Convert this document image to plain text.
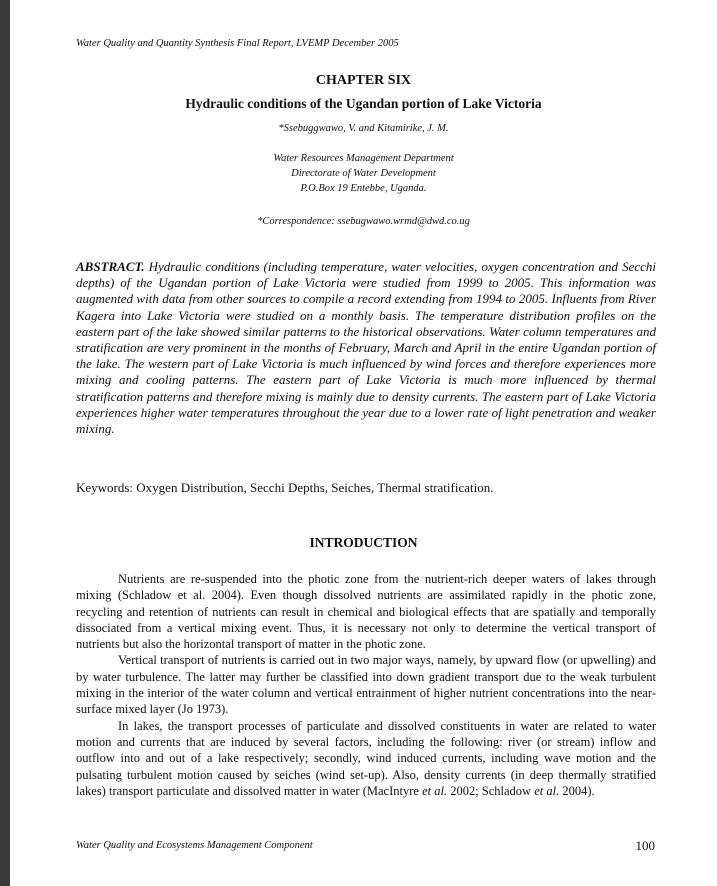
Water Quality and Quantity Synthesis Final Report, LVEMP December 2005
CHAPTER SIX
Hydraulic conditions of the Ugandan portion of Lake Victoria
*Ssebuggwawo, V. and Kitamirike, J. M.
Water Resources Management Department
Directorate of Water Development
P.O.Box 19 Entebbe, Uganda.
*Correspondence: ssebugwawo.wrmd@dwd.co.ug

ABSTRACT. Hydraulic conditions (including temperature, water velocities, oxygen concentration and Secchi depths) of the Ugandan portion of Lake Victoria were studied from 1999 to 2005. This information was augmented with data from other sources to compile a record extending from 1994 to 2005. Influents from River Kagera into Lake Victoria were studied on a monthly basis. The temperature distribution profiles on the eastern part of the lake showed similar patterns to the historical observations. Water column temperatures and stratification are very prominent in the months of February, March and April in the entire Ugandan portion of the lake. The western part of Lake Victoria is much influenced by wind forces and therefore experiences more mixing and cooling patterns. The eastern part of Lake Victoria is much more influenced by thermal stratification patterns and therefore mixing is mainly due to density currents. The eastern part of Lake Victoria experiences higher water temperatures throughout the year due to a lower rate of light penetration and weaker mixing.

Keywords: Oxygen Distribution, Secchi Depths, Seiches, Thermal stratification.
INTRODUCTION

Nutrients are re-suspended into the photic zone from the nutrient-rich deeper waters of lakes through mixing (Schladow et al. 2004). Even though dissolved nutrients are assimilated rapidly in the photic zone, recycling and retention of nutrients can result in chemical and biological effects that are spatially and temporally dissociated from a vertical mixing event. Thus, it is necessary not only to determine the vertical transport of nutrients but also the horizontal transport of matter in the photic zone.

Vertical transport of nutrients is carried out in two major ways, namely, by upward flow (or upwelling) and by water turbulence. The latter may further be classified into down gradient transport due to the weak turbulent mixing in the interior of the water column and vertical entrainment of higher nutrient concentrations into the near-surface mixed layer (Jo 1973).

In lakes, the transport processes of particulate and dissolved constituents in water are related to water motion and currents that are induced by several factors, including the following: river (or stream) inflow and outflow into and out of a lake respectively; secondly, wind induced currents, including wave motion and the pulsating turbulent motion caused by seiches (wind set-up). Also, density currents (in deep thermally stratified lakes) transport particulate and dissolved matter in water (MacIntyre et al. 2002; Schladow et al. 2004).

Water Quality and Ecosystems Management Component	100
